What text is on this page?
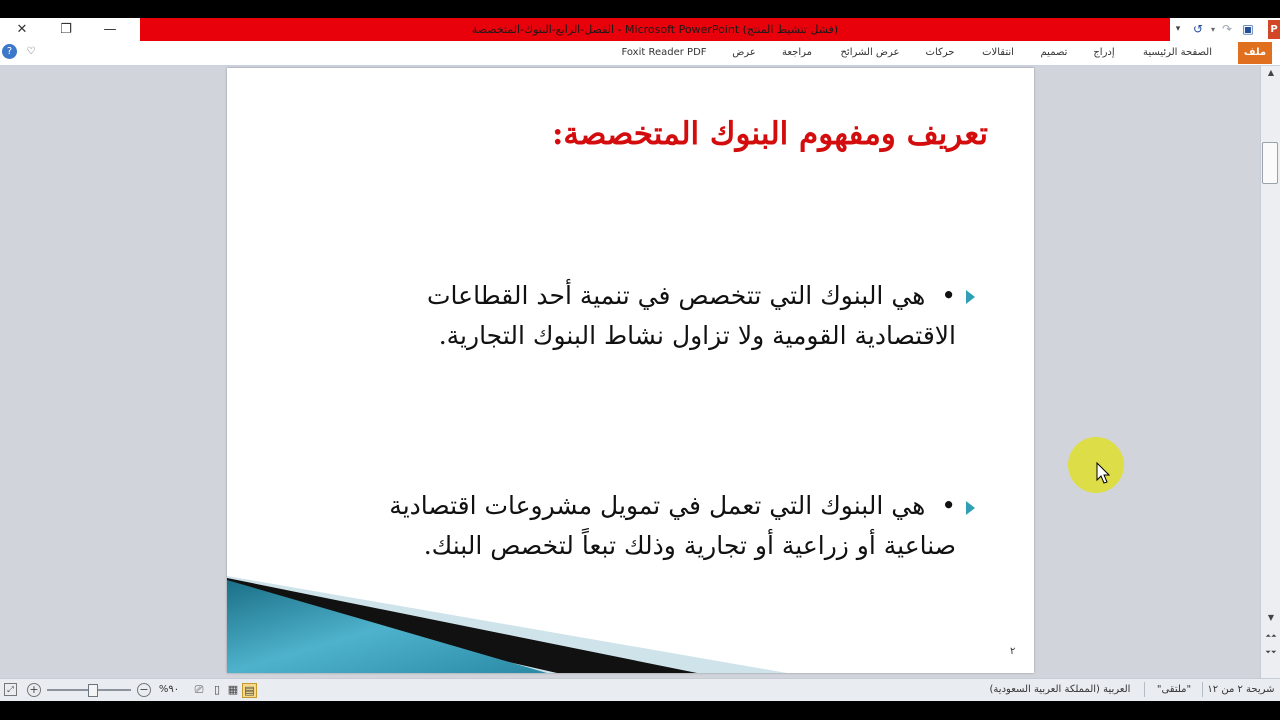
الفصل-الرابع-البنوك-المتخصصة - Microsoft PowerPoint (فشل تنشيط المنتج)
✕	❐	—	P
▣
↷
▾
↺
▾
?	♡	ملف
الصفحة الرئيسية
إدراج
تصميم
انتقالات
حركات
عرض الشرائح
مراجعة
عرض
Foxit Reader PDF
▲
▼
⏶⏶
⏷⏷
تعريف ومفهوم البنوك المتخصصة:
•  هي البنوك التي تتخصص في تنمية أحد القطاعات
الاقتصادية القومية ولا تزاول نشاط البنوك التجارية.
•  هي البنوك التي تعمل في تمويل مشروعات اقتصادية
صناعية أو زراعية أو تجارية وذلك تبعاً لتخصص البنك.
٢
⤢ +	− %٩٠ ⎚ ▯ ▦ ▤	العربية (المملكة العربية السعودية)	"ملتقى"	شريحة ٢ من ١٢
